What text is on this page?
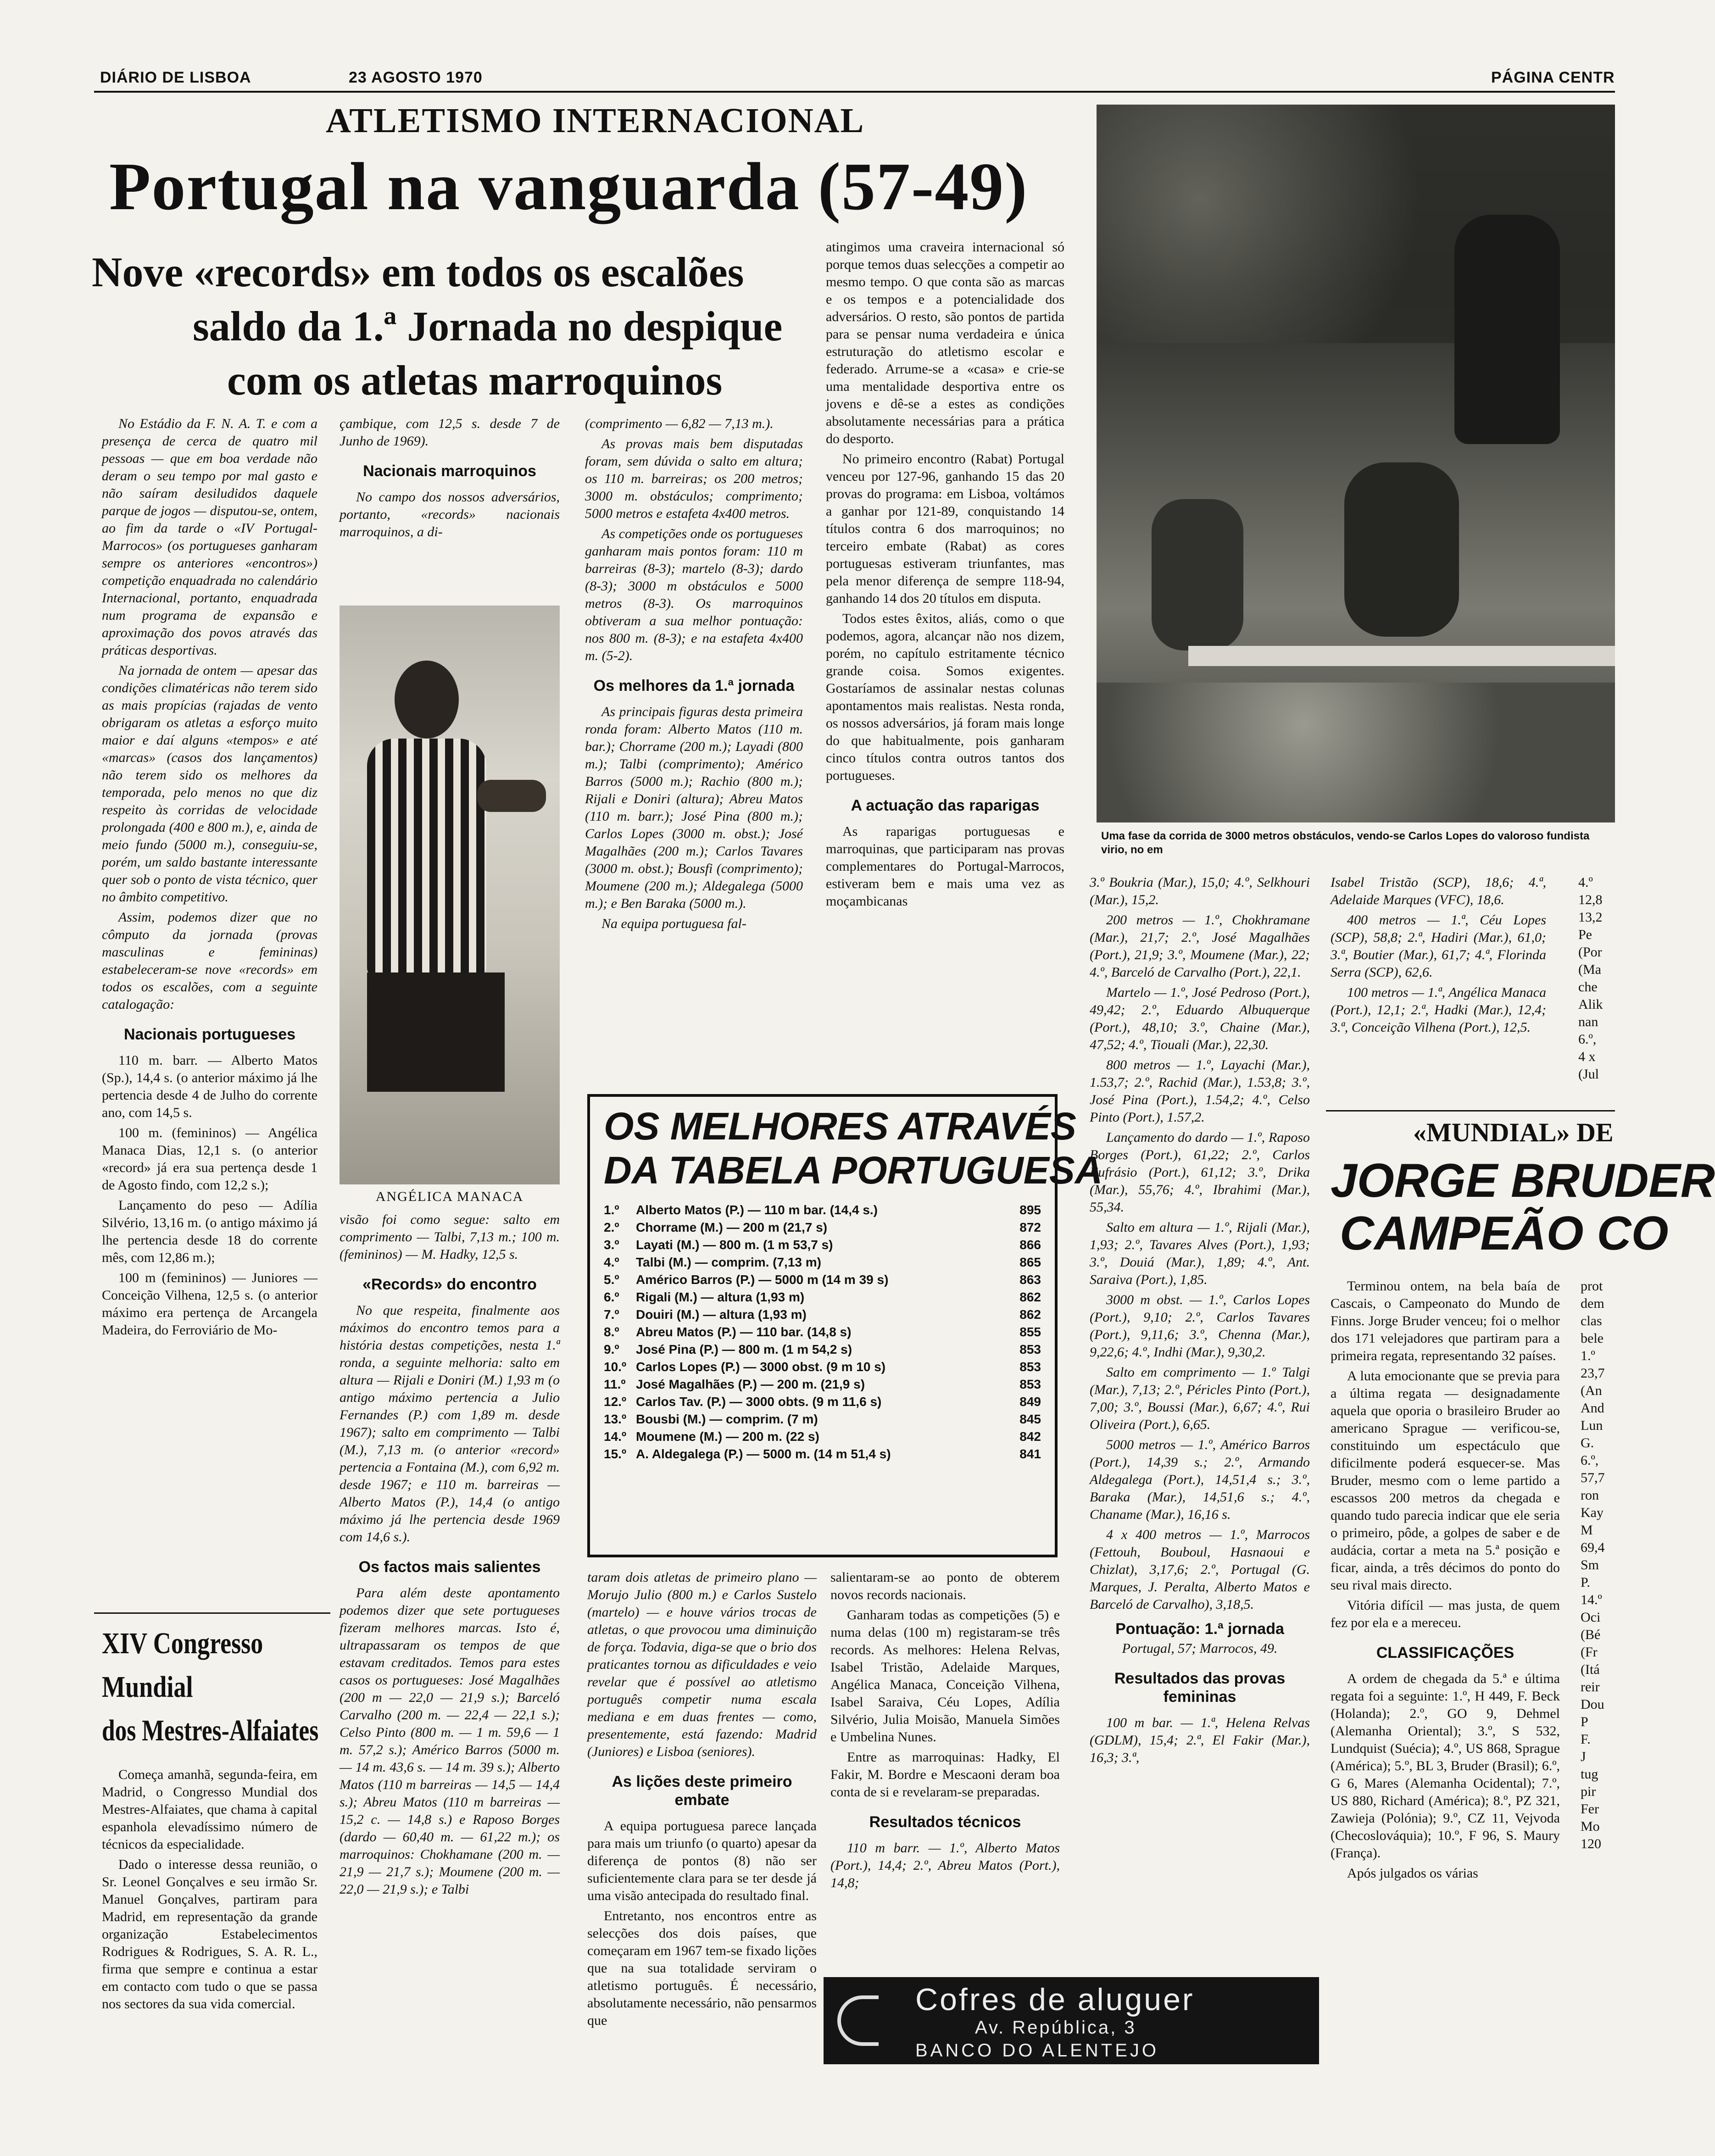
DIÁRIO DE LISBOA	23 AGOSTO 1970	PÁGINA CENTR
ATLETISMO INTERNACIONAL
Portugal na vanguarda (57-49)
Nove «records» em todos os escalões
saldo da 1.ª Jornada no despique
com os atletas marroquinos

No Estádio da F. N. A. T. e com a presença de cerca de quatro mil pessoas — que em boa verdade não deram o seu tempo por mal gasto e não saíram desiludidos daquele parque de jogos — disputou-se, ontem, ao fim da tarde o «IV Portugal-Marrocos» (os portugueses ganharam sempre os anteriores «encontros») competição enquadrada no calendário Internacional, portanto, enquadrada num programa de expansão e aproximação dos povos através das práticas desportivas.

Na jornada de ontem — apesar das condições climatéricas não terem sido as mais propícias (rajadas de vento obrigaram os atletas a esforço muito maior e daí alguns «tempos» e até «marcas» (casos dos lançamentos) não terem sido os melhores da temporada, pelo menos no que diz respeito às corridas de velocidade prolongada (400 e 800 m.), e, ainda de meio fundo (5000 m.), conseguiu-se, porém, um saldo bastante interessante quer sob o ponto de vista técnico, quer no âmbito competitivo.

Assim, podemos dizer que no cômputo da jornada (provas masculinas e femininas) estabeleceram-se nove «records» em todos os escalões, com a seguinte catalogação:

Nacionais portugueses

110 m. barr. — Alberto Matos (Sp.), 14,4 s. (o anterior máximo já lhe pertencia desde 4 de Julho do corrente ano, com 14,5 s.

100 m. (femininos) — Angélica Manaca Dias, 12,1 s. (o anterior «record» já era sua pertença desde 1 de Agosto findo, com 12,2 s.);

Lançamento do peso — Adília Silvério, 13,16 m. (o antigo máximo já lhe pertencia desde 18 do corrente mês, com 12,86 m.);

100 m (femininos) — Juniores — Conceição Vilhena, 12,5 s. (o anterior máximo era pertença de Arcangela Madeira, do Ferroviário de Mo-

çambique, com 12,5 s. desde 7 de Junho de 1969).

Nacionais marroquinos

No campo dos nossos adversários, portanto, «records» nacionais marroquinos, a di-

ANGÉLICA MANACA

visão foi como segue: salto em comprimento — Talbi, 7,13 m.; 100 m. (femininos) — M. Hadky, 12,5 s.

«Records» do encontro

No que respeita, finalmente aos máximos do encontro temos para a história destas competições, nesta 1.ª ronda, a seguinte melhoria: salto em altura — Rijali e Doniri (M.) 1,93 m (o antigo máximo pertencia a Julio Fernandes (P.) com 1,89 m. desde 1967); salto em comprimento — Talbi (M.), 7,13 m. (o anterior «record» pertencia a Fontaina (M.), com 6,92 m. desde 1967; e 110 m. barreiras — Alberto Matos (P.), 14,4 (o antigo máximo já lhe pertencia desde 1969 com 14,6 s.).

Os factos mais salientes

Para além deste apontamento podemos dizer que sete portugueses fizeram melhores marcas. Isto é, ultrapassaram os tempos de que estavam creditados. Temos para estes casos os portugueses: José Magalhães (200 m — 22,0 — 21,9 s.); Barceló Carvalho (200 m. — 22,4 — 22,1 s.); Celso Pinto (800 m. — 1 m. 59,6 — 1 m. 57,2 s.); Américo Barros (5000 m. — 14 m. 43,6 s. — 14 m. 39 s.); Alberto Matos (110 m barreiras — 14,5 — 14,4 s.); Abreu Matos (110 m barreiras — 15,2 c. — 14,8 s.) e Raposo Borges (dardo — 60,40 m. — 61,22 m.); os marroquinos: Chokhamane (200 m. — 21,9 — 21,7 s.); Moumene (200 m. — 22,0 — 21,9 s.); e Talbi

(comprimento — 6,82 — 7,13 m.).

As provas mais bem disputadas foram, sem dúvida o salto em altura; os 110 m. barreiras; os 200 metros; 3000 m. obstáculos; comprimento; 5000 metros e estafeta 4x400 metros.

As competições onde os portugueses ganharam mais pontos foram: 110 m barreiras (8-3); martelo (8-3); dardo (8-3); 3000 m obstáculos e 5000 metros (8-3). Os marroquinos obtiveram a sua melhor pontuação: nos 800 m. (8-3); e na estafeta 4x400 m. (5-2).

Os melhores da 1.ª jornada

As principais figuras desta primeira ronda foram: Alberto Matos (110 m. bar.); Chorrame (200 m.); Layadi (800 m.); Talbi (comprimento); Américo Barros (5000 m.); Rachio (800 m.); Rijali e Doniri (altura); Abreu Matos (110 m. barr.); José Pina (800 m.); Carlos Lopes (3000 m. obst.); José Magalhães (200 m.); Carlos Tavares (3000 m. obst.); Bousfi (comprimento); Moumene (200 m.); Aldegalega (5000 m.); e Ben Baraka (5000 m.).

Na equipa portuguesa fal-

atingimos uma craveira internacional só porque temos duas selecções a competir ao mesmo tempo. O que conta são as marcas e os tempos e a potencialidade dos adversários. O resto, são pontos de partida para se pensar numa verdadeira e única estruturação do atletismo escolar e federado. Arrume-se a «casa» e crie-se uma mentalidade desportiva entre os jovens e dê-se a estes as condições absolutamente necessárias para a prática do desporto.

No primeiro encontro (Rabat) Portugal venceu por 127-96, ganhando 15 das 20 provas do programa: em Lisboa, voltámos a ganhar por 121-89, conquistando 14 títulos contra 6 dos marroquinos; no terceiro embate (Rabat) as cores portuguesas estiveram triunfantes, mas pela menor diferença de sempre 118-94, ganhando 14 dos 20 títulos em disputa.

Todos estes êxitos, aliás, como o que podemos, agora, alcançar não nos dizem, porém, no capítulo estritamente técnico grande coisa. Somos exigentes. Gostaríamos de assinalar nestas colunas apontamentos mais realistas. Nesta ronda, os nossos adversários, já foram mais longe do que habitualmente, pois ganharam cinco títulos contra outros tantos dos portugueses.

A actuação das raparigas

As raparigas portuguesas e marroquinas, que participaram nas provas complementares do Portugal-Marrocos, estiveram bem e mais uma vez as moçambicanas

OS MELHORES ATRAVÉS
DA TABELA PORTUGUESA
1.º	Alberto Matos (P.) — 110 m bar. (14,4 s.)	895
2.º	Chorrame (M.) — 200 m (21,7 s)	872
3.º	Layati (M.) — 800 m. (1 m 53,7 s)	866
4.º	Talbi (M.) — comprim. (7,13 m)	865
5.º	Américo Barros (P.) — 5000 m (14 m 39 s)	863
6.º	Rigali (M.) — altura (1,93 m)	862
7.º	Douiri (M.) — altura (1,93 m)	862
8.º	Abreu Matos (P.) — 110 bar. (14,8 s)	855
9.º	José Pina (P.) — 800 m. (1 m 54,2 s)	853
10.º	Carlos Lopes (P.) — 3000 obst. (9 m 10 s)	853
11.º	José Magalhães (P.) — 200 m. (21,9 s)	853
12.º	Carlos Tav. (P.) — 3000 obts. (9 m 11,6 s)	849
13.º	Bousbi (M.) — comprim. (7 m)	845
14.º	Moumene (M.) — 200 m. (22 s)	842
15.º	A. Aldegalega (P.) — 5000 m. (14 m 51,4 s)	841

taram dois atletas de primeiro plano — Morujo Julio (800 m.) e Carlos Sustelo (martelo) — e houve vários trocas de atletas, o que provocou uma diminuição de força. Todavia, diga-se que o brio dos praticantes tornou as dificuldades e veio revelar que é possível ao atletismo português competir numa escala mediana e em duas frentes — como, presentemente, está fazendo: Madrid (Juniores) e Lisboa (seniores).

As lições deste primeiro embate

A equipa portuguesa parece lançada para mais um triunfo (o quarto) apesar da diferença de pontos (8) não ser suficientemente clara para se ter desde já uma visão antecipada do resultado final.

Entretanto, nos encontros entre as selecções dos dois países, que começaram em 1967 tem-se fixado lições que na sua totalidade serviram o atletismo português. É necessário, absolutamente necessário, não pensarmos que

salientaram-se ao ponto de obterem novos records nacionais.

Ganharam todas as competições (5) e numa delas (100 m) registaram-se três records. As melhores: Helena Relvas, Isabel Tristão, Adelaide Marques, Angélica Manaca, Conceição Vilhena, Isabel Saraiva, Céu Lopes, Adília Silvério, Julia Moisão, Manuela Simões e Umbelina Nunes.

Entre as marroquinas: Hadky, El Fakir, M. Bordre e Mescaoni deram boa conta de si e revelaram-se preparadas.

Resultados técnicos

110 m barr. — 1.º, Alberto Matos (Port.), 14,4; 2.º, Abreu Matos (Port.), 14,8;

Cofres de aluguer
Av. República, 3
BANCO DO ALENTEJO
Uma fase da corrida de 3000 metros obstáculos, vendo-se Carlos Lopes do valoroso fundista virio, no em

3.º Boukria (Mar.), 15,0; 4.º, Selkhouri (Mar.), 15,2.

200 metros — 1.º, Chokhramane (Mar.), 21,7; 2.º, José Magalhães (Port.), 21,9; 3.º, Moumene (Mar.), 22; 4.º, Barceló de Carvalho (Port.), 22,1.

Martelo — 1.º, José Pedroso (Port.), 49,42; 2.º, Eduardo Albuquerque (Port.), 48,10; 3.º, Chaine (Mar.), 47,52; 4.º, Tiouali (Mar.), 22,30.

800 metros — 1.º, Layachi (Mar.), 1.53,7; 2.º, Rachid (Mar.), 1.53,8; 3.º, José Pina (Port.), 1.54,2; 4.º, Celso Pinto (Port.), 1.57,2.

Lançamento do dardo — 1.º, Raposo Borges (Port.), 61,22; 2.º, Carlos Eufrásio (Port.), 61,12; 3.º, Drika (Mar.), 55,76; 4.º, Ibrahimi (Mar.), 55,34.

Salto em altura — 1.º, Rijali (Mar.), 1,93; 2.º, Tavares Alves (Port.), 1,93; 3.º, Douiá (Mar.), 1,89; 4.º, Ant. Saraiva (Port.), 1,85.

3000 m obst. — 1.º, Carlos Lopes (Port.), 9,10; 2.º, Carlos Tavares (Port.), 9,11,6; 3.º, Chenna (Mar.), 9,22,6; 4.º, Indhi (Mar.), 9,30,2.

Salto em comprimento — 1.º Talgi (Mar.), 7,13; 2.º, Péricles Pinto (Port.), 7,00; 3.º, Boussi (Mar.), 6,67; 4.º, Rui Oliveira (Port.), 6,65.

5000 metros — 1.º, Américo Barros (Port.), 14,39 s.; 2.º, Armando Aldegalega (Port.), 14,51,4 s.; 3.º, Baraka (Mar.), 14,51,6 s.; 4.º, Chaname (Mar.), 16,16 s.

4 x 400 metros — 1.º, Marrocos (Fettouh, Bouboul, Hasnaoui e Chizlat), 3,17,6; 2.º, Portugal (G. Marques, J. Peralta, Alberto Matos e Barceló de Carvalho), 3,18,5.

Pontuação: 1.ª jornada

Portugal, 57; Marrocos, 49.

Resultados das provas femininas

100 m bar. — 1.ª, Helena Relvas (GDLM), 15,4; 2.ª, El Fakir (Mar.), 16,3; 3.ª,

Isabel Tristão (SCP), 18,6; 4.ª, Adelaide Marques (VFC), 18,6.

400 metros — 1.ª, Céu Lopes (SCP), 58,8; 2.ª, Hadiri (Mar.), 61,0; 3.ª, Boutier (Mar.), 61,7; 4.ª, Florinda Serra (SCP), 62,6.

100 metros — 1.ª, Angélica Manaca (Port.), 12,1; 2.ª, Hadki (Mar.), 12,4; 3.ª, Conceição Vilhena (Port.), 12,5.

4.º
12,8
13,2
Pe
(Por
(Ma
che
Alik
nan
6.º,
4 x
(Jul
«MUNDIAL» DE
JORGE BRUDER
CAMPEÃO CO

Terminou ontem, na bela baía de Cascais, o Campeonato do Mundo de Finns. Jorge Bruder venceu; foi o melhor dos 171 velejadores que partiram para a primeira regata, representando 32 países.

A luta emocionante que se previa para a última regata — designadamente aquela que oporia o brasileiro Bruder ao americano Sprague — verificou-se, constituindo um espectáculo que dificilmente poderá esquecer-se. Mas Bruder, mesmo com o leme partido a escassos 200 metros da chegada e quando tudo parecia indicar que ele seria o primeiro, pôde, a golpes de saber e de audácia, cortar a meta na 5.ª posição e ficar, ainda, a três décimos do ponto do seu rival mais directo.

Vitória difícil — mas justa, de quem fez por ela e a mereceu.

CLASSIFICAÇÕES

A ordem de chegada da 5.ª e última regata foi a seguinte: 1.º, H 449, F. Beck (Holanda); 2.º, GO 9, Dehmel (Alemanha Oriental); 3.º, S 532, Lundquist (Suécia); 4.º, US 868, Sprague (América); 5.º, BL 3, Bruder (Brasil); 6.º, G 6, Mares (Alemanha Ocidental); 7.º, US 880, Richard (América); 8.º, PZ 321, Zawieja (Polónia); 9.º, CZ 11, Vejvoda (Checoslováquia); 10.º, F 96, S. Maury (França).

Após julgados os várias

prot
dem
clas
bele
1.º
23,7
(An
And
Lun
G.
6.º,
57,7
ron
Kay
M
69,4
Sm
P.
14.º
Oci
(Bé
(Fr
(Itá
reir
Dou
P
F.
J
tug
pir
Fer
Mo
120
XIV Congresso
Mundial
dos Mestres-Alfaiates

Começa amanhã, segunda-feira, em Madrid, o Congresso Mundial dos Mestres-Alfaiates, que chama à capital espanhola elevadíssimo número de técnicos da especialidade.

Dado o interesse dessa reunião, o Sr. Leonel Gonçalves e seu irmão Sr. Manuel Gonçalves, partiram para Madrid, em representação da grande organização Estabelecimentos Rodrigues & Rodrigues, S. A. R. L., firma que sempre e continua a estar em contacto com tudo o que se passa nos sectores da sua vida comercial.
